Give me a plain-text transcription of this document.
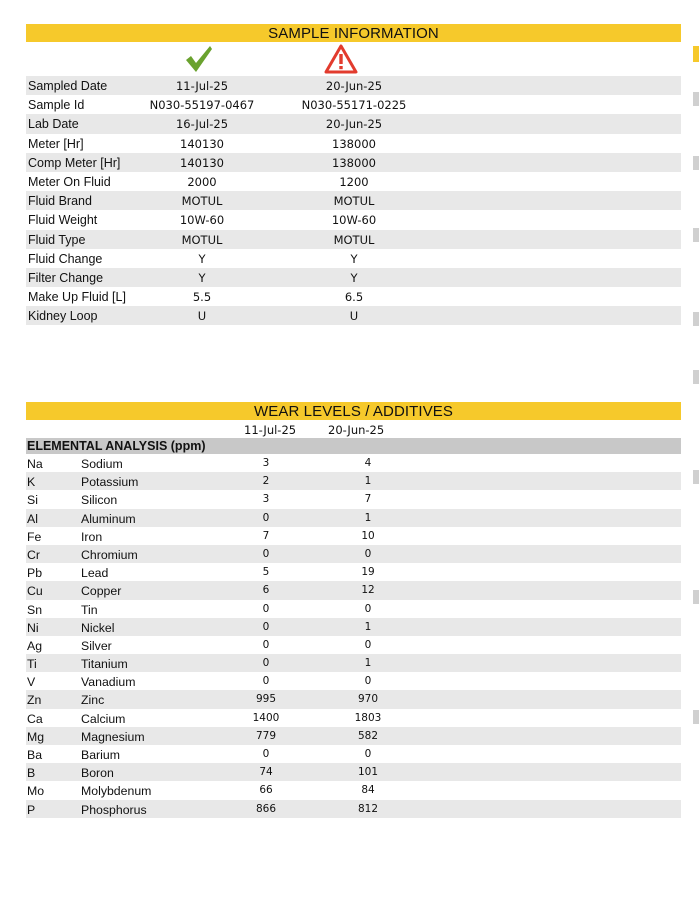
SAMPLE INFORMATION
Sampled Date	11-Jul-25	20-Jun-25
Sample Id	N030-55197-0467	N030-55171-0225
Lab Date	16-Jul-25	20-Jun-25
Meter [Hr]	140130	138000
Comp Meter [Hr]	140130	138000
Meter On Fluid	2000	1200
Fluid Brand	MOTUL	MOTUL
Fluid Weight	10W-60	10W-60
Fluid Type	MOTUL	MOTUL
Fluid Change	Y	Y
Filter Change	Y	Y
Make Up Fluid [L]	5.5	6.5
Kidney Loop	U	U
WEAR LEVELS / ADDITIVES
11-Jul-25	20-Jun-25
ELEMENTAL ANALYSIS (ppm)
Na	Sodium	3	4
K	Potassium	2	1
Si	Silicon	3	7
Al	Aluminum	0	1
Fe	Iron	7	10
Cr	Chromium	0	0
Pb	Lead	5	19
Cu	Copper	6	12
Sn	Tin	0	0
Ni	Nickel	0	1
Ag	Silver	0	0
Ti	Titanium	0	1
V	Vanadium	0	0
Zn	Zinc	995	970
Ca	Calcium	1400	1803
Mg	Magnesium	779	582
Ba	Barium	0	0
B	Boron	74	101
Mo	Molybdenum	66	84
P	Phosphorus	866	812
